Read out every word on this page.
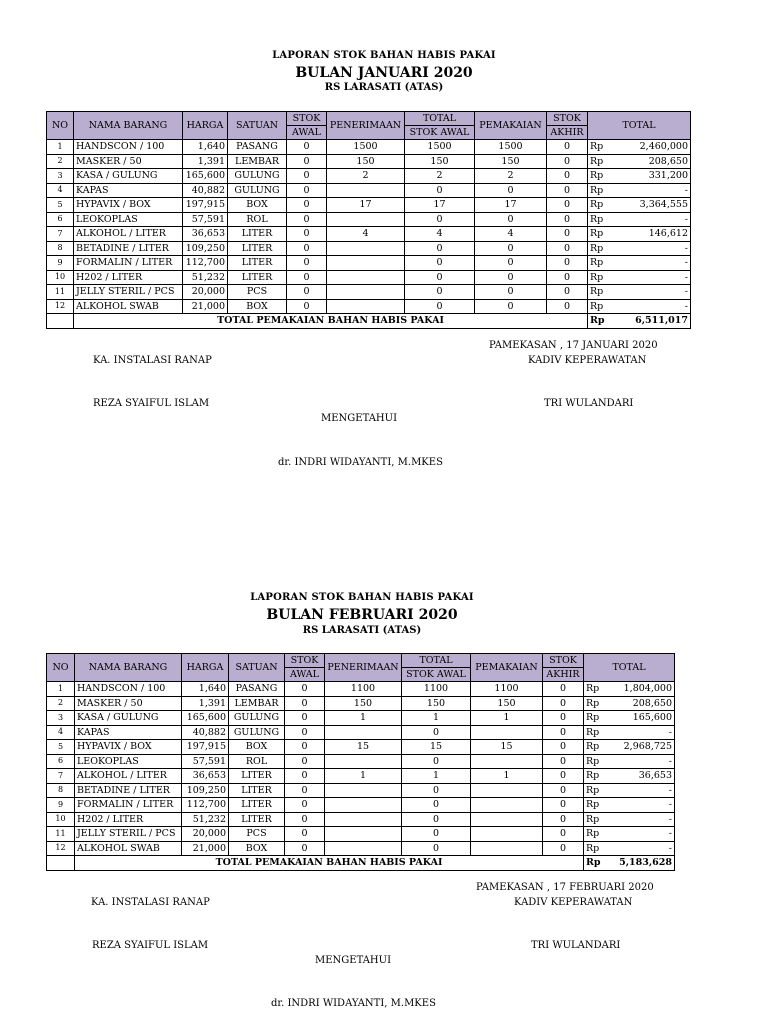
LAPORAN STOK BAHAN HABIS PAKAI
BULAN JANUARI 2020
RS LARASATI (ATAS)
NO	NAMA BARANG	HARGA	SATUAN	STOK	PENERIMAAN	TOTAL	PEMAKAIAN	STOK	TOTAL	
				AWAL		STOK AWAL		AKHIR		
1	HANDSCON / 100	1,640	PASANG	0	1500	1500	1500	0	Rp	2,460,000
2	MASKER / 50	1,391	LEMBAR	0	150	150	150	0	Rp	208,650
3	KASA / GULUNG	165,600	GULUNG	0	2	2	2	0	Rp	331,200
4	KAPAS	40,882	GULUNG	0		0	0	0	Rp	-
5	HYPAVIX / BOX	197,915	BOX	0	17	17	17	0	Rp	3,364,555
6	LEOKOPLAS	57,591	ROL	0		0	0	0	Rp	-
7	ALKOHOL / LITER	36,653	LITER	0	4	4	4	0	Rp	146,612
8	BETADINE / LITER	109,250	LITER	0		0	0	0	Rp	-
9	FORMALIN / LITER	112,700	LITER	0		0	0	0	Rp	-
10	H202 / LITER	51,232	LITER	0		0	0	0	Rp	-
11	JELLY STERIL / PCS	20,000	PCS	0		0	0	0	Rp	-
12	ALKOHOL SWAB	21,000	BOX	0		0	0	0	Rp	-
	TOTAL PEMAKAIAN BAHAN HABIS PAKAI								Rp	6,511,017
PAMEKASAN , 17 JANUARI 2020
KA. INSTALASI RANAP	KADIV KEPERAWATAN
REZA SYAIFUL ISLAM	TRI WULANDARI
MENGETAHUI
dr. INDRI WIDAYANTI, M.MKES
LAPORAN STOK BAHAN HABIS PAKAI
BULAN FEBRUARI 2020
RS LARASATI (ATAS)
NO	NAMA BARANG	HARGA	SATUAN	STOK	PENERIMAAN	TOTAL	PEMAKAIAN	STOK	TOTAL	
				AWAL		STOK AWAL		AKHIR		
1	HANDSCON / 100	1,640	PASANG	0	1100	1100	1100	0	Rp	1,804,000
2	MASKER / 50	1,391	LEMBAR	0	150	150	150	0	Rp	208,650
3	KASA / GULUNG	165,600	GULUNG	0	1	1	1	0	Rp	165,600
4	KAPAS	40,882	GULUNG	0		0		0	Rp	-
5	HYPAVIX / BOX	197,915	BOX	0	15	15	15	0	Rp	2,968,725
6	LEOKOPLAS	57,591	ROL	0		0		0	Rp	-
7	ALKOHOL / LITER	36,653	LITER	0	1	1	1	0	Rp	36,653
8	BETADINE / LITER	109,250	LITER	0		0		0	Rp	-
9	FORMALIN / LITER	112,700	LITER	0		0		0	Rp	-
10	H202 / LITER	51,232	LITER	0		0		0	Rp	-
11	JELLY STERIL / PCS	20,000	PCS	0		0		0	Rp	-
12	ALKOHOL SWAB	21,000	BOX	0		0		0	Rp	-
	TOTAL PEMAKAIAN BAHAN HABIS PAKAI								Rp	5,183,628
PAMEKASAN , 17 FEBRUARI 2020
KA. INSTALASI RANAP	KADIV KEPERAWATAN
REZA SYAIFUL ISLAM	TRI WULANDARI
MENGETAHUI
dr. INDRI WIDAYANTI, M.MKES
